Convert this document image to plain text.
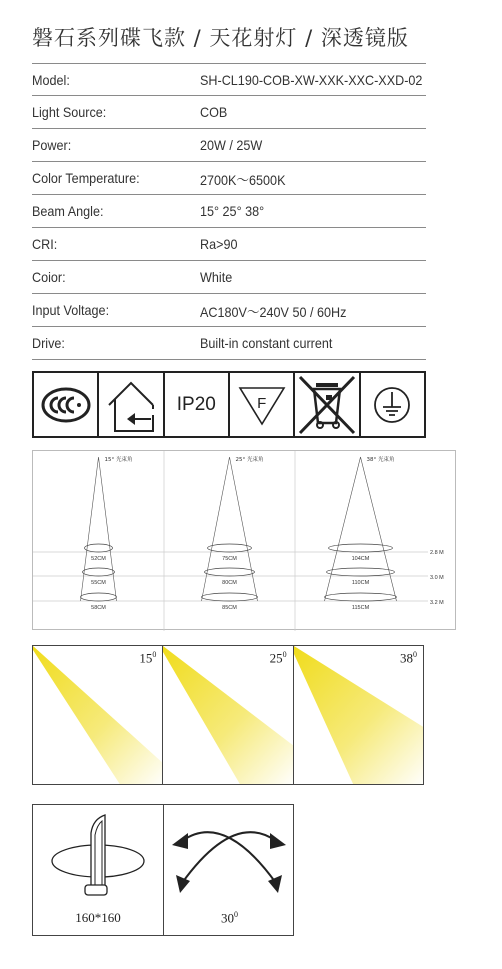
磐石系列碟飞款 / 天花射灯 / 深透镜版
Model:	SH-CL190-COB-XW-XXK-XXC-XXD-02
Light Source:	COB
Power:	20W / 25W
Color Temperature:	2700K～6500K
Beam Angle:	15° 25° 38°
CRI:	Ra>90
Coior:	White
Input Voltage:	AC180V～240V 50 / 60Hz
Drive:	Built-in constant current
IP20	F
15° 光束角
52CM
55CM
58CM
25° 光束角
75CM
80CM
85CM
38° 光束角
104CM
110CM
115CM
2.8 M
3.0 M
3.2 M
$15^0$	$25^0$	$38^0$
160*160	$30^0$
